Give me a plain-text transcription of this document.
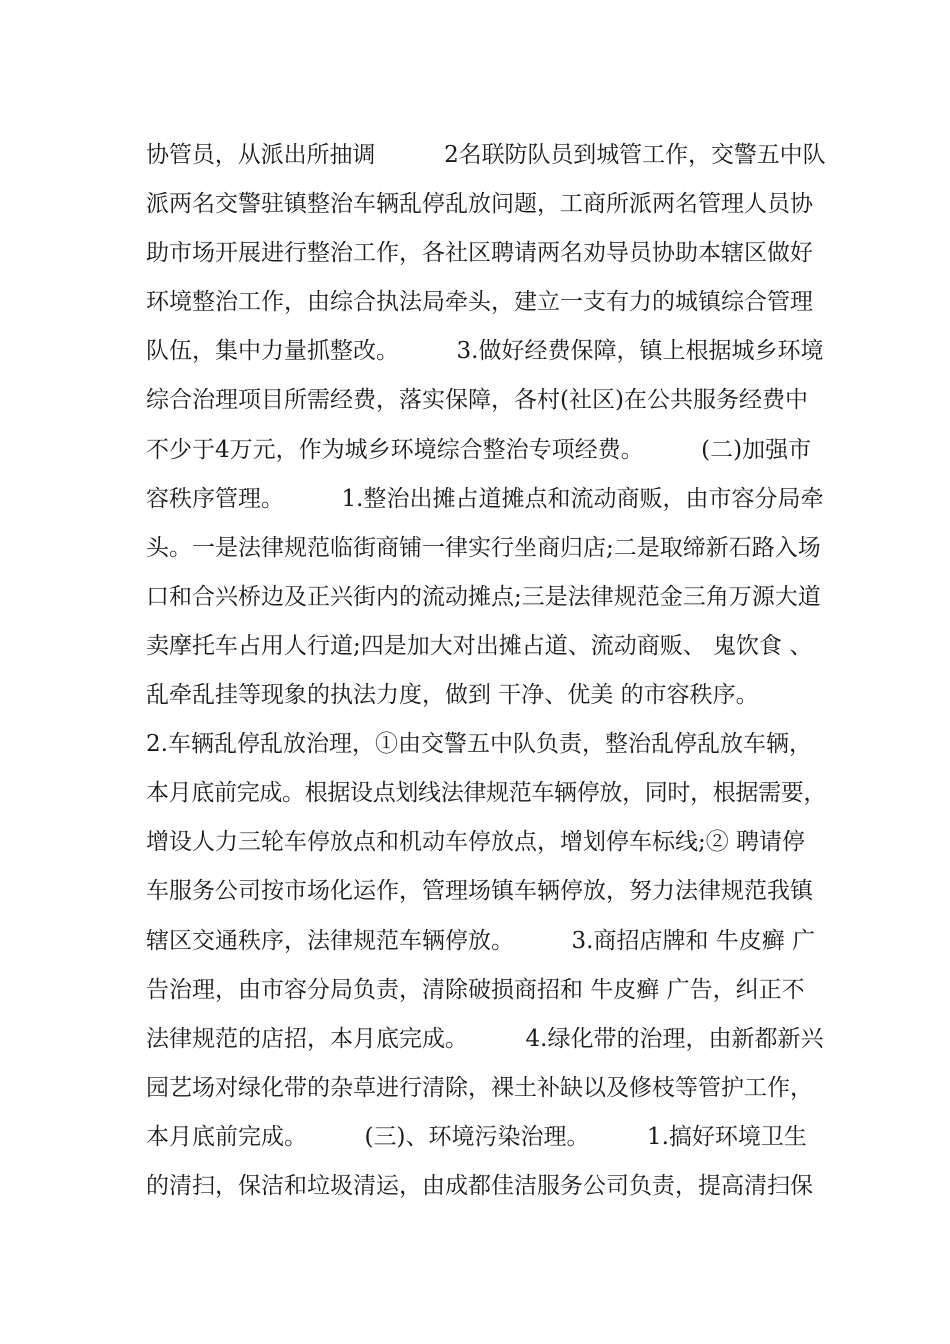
协管员，从派出所抽调　　　2名联防队员到城管工作，交警五中队
派两名交警驻镇整治车辆乱停乱放问题，工商所派两名管理人员协
助市场开展进行整治工作，各社区聘请两名劝导员协助本辖区做好
环境整治工作，由综合执法局牵头，建立一支有力的城镇综合管理
队伍，集中力量抓整改。　　　3.做好经费保障，镇上根据城乡环境
综合治理项目所需经费，落实保障，各村(社区)在公共服务经费中
不少于4万元，作为城乡环境综合整治专项经费。　　　(二)加强市
容秩序管理。　　　1.整治出摊占道摊点和流动商贩，由市容分局牵
头。一是法律规范临街商铺一律实行坐商归店;二是取缔新石路入场
口和合兴桥边及正兴街内的流动摊点;三是法律规范金三角万源大道
卖摩托车占用人行道;四是加大对出摊占道、流动商贩、 鬼饮食 、
乱牵乱挂等现象的执法力度，做到 干净、优美 的市容秩序。
2.车辆乱停乱放治理，①由交警五中队负责，整治乱停乱放车辆，
本月底前完成。根据设点划线法律规范车辆停放，同时，根据需要，
增设人力三轮车停放点和机动车停放点，增划停车标线;② 聘请停
车服务公司按市场化运作，管理场镇车辆停放，努力法律规范我镇
辖区交通秩序，法律规范车辆停放。　　　3.商招店牌和 牛皮癣 广
告治理，由市容分局负责，清除破损商招和 牛皮癣 广告，纠正不
法律规范的店招，本月底完成。　　　4.绿化带的治理，由新都新兴
园艺场对绿化带的杂草进行清除，裸土补缺以及修枝等管护工作，
本月底前完成。　　　(三)、环境污染治理。　　　1.搞好环境卫生
的清扫，保洁和垃圾清运，由成都佳洁服务公司负责，提高清扫保
